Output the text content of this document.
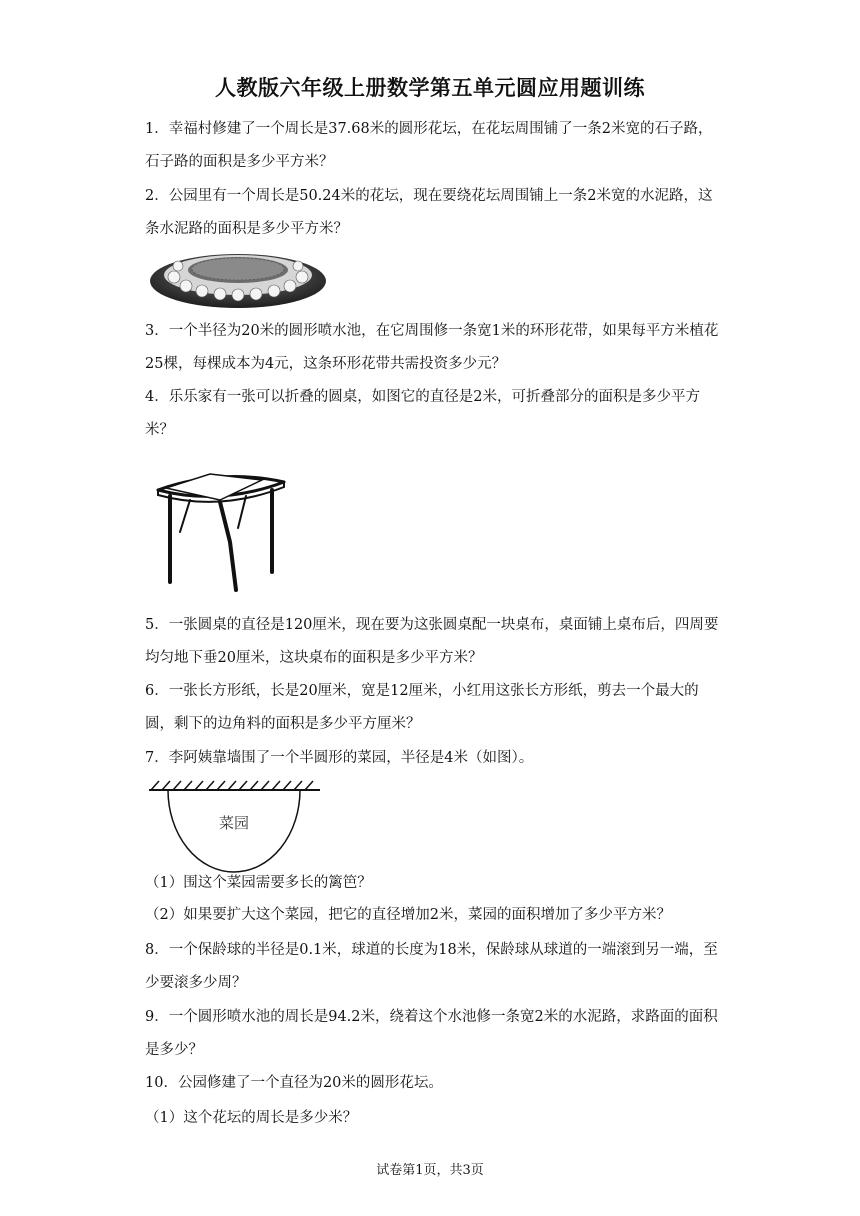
人教版六年级上册数学第五单元圆应用题训练
1．幸福村修建了一个周长是37.68米的圆形花坛，在花坛周围铺了一条2米宽的石子路，石子路的面积是多少平方米？
2．公园里有一个周长是50.24米的花坛，现在要绕花坛周围铺上一条2米宽的水泥路，这条水泥路的面积是多少平方米？
3．一个半径为20米的圆形喷水池，在它周围修一条宽1米的环形花带，如果每平方米植花25棵，每棵成本为4元，这条环形花带共需投资多少元？
4．乐乐家有一张可以折叠的圆桌，如图它的直径是2米，可折叠部分的面积是多少平方米？
5．一张圆桌的直径是120厘米，现在要为这张圆桌配一块桌布，桌面铺上桌布后，四周要均匀地下垂20厘米，这块桌布的面积是多少平方米？
6．一张长方形纸，长是20厘米，宽是12厘米，小红用这张长方形纸，剪去一个最大的圆，剩下的边角料的面积是多少平方厘米？
7．李阿姨靠墙围了一个半圆形的菜园，半径是4米（如图）。
菜园
（1）围这个菜园需要多长的篱笆？
（2）如果要扩大这个菜园，把它的直径增加2米，菜园的面积增加了多少平方米？
8．一个保龄球的半径是0.1米，球道的长度为18米，保龄球从球道的一端滚到另一端，至少要滚多少周？
9．一个圆形喷水池的周长是94.2米，绕着这个水池修一条宽2米的水泥路，求路面的面积是多少？
10．公园修建了一个直径为20米的圆形花坛。
（1）这个花坛的周长是多少米？
试卷第1页，共3页
